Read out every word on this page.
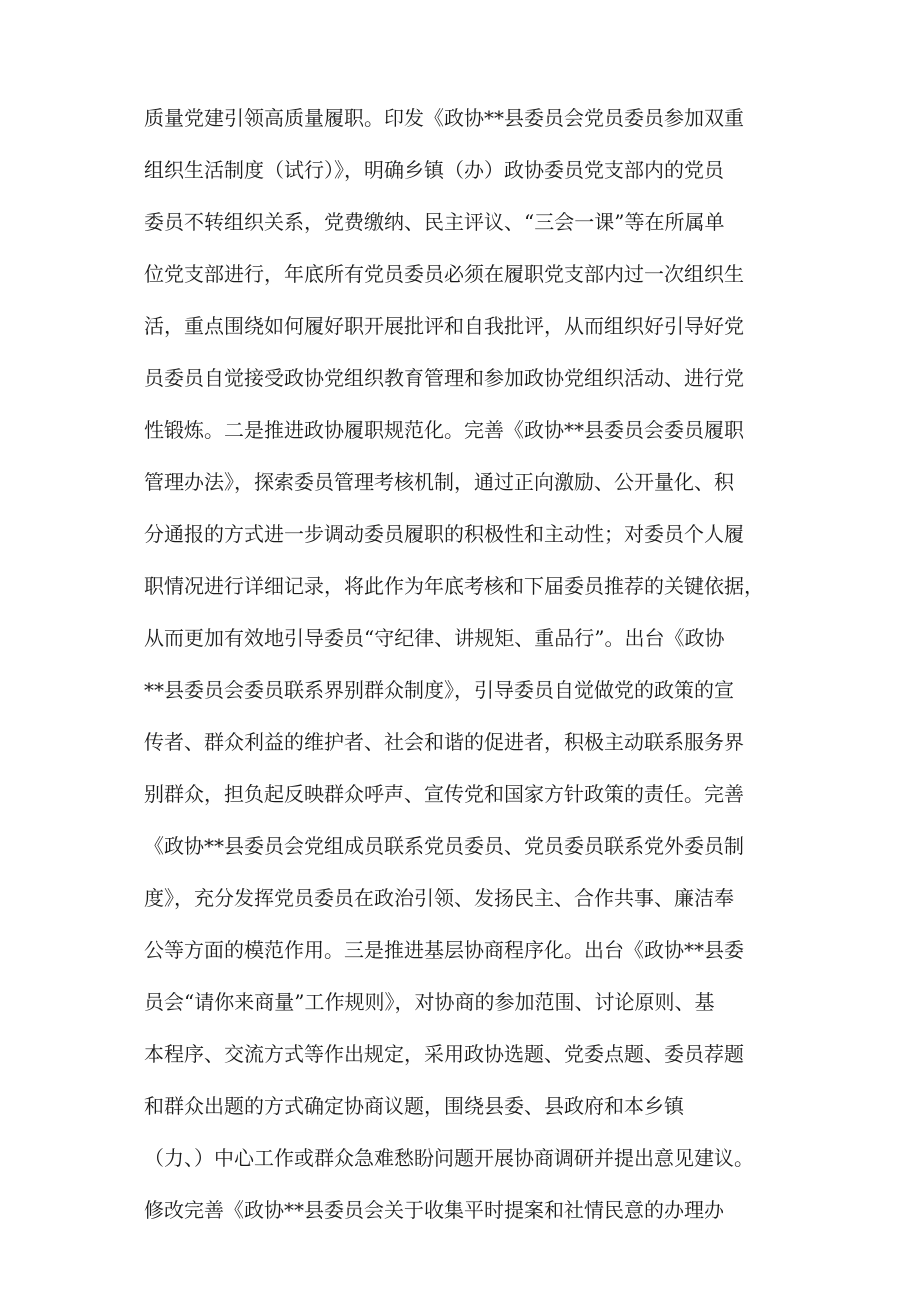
质量党建引领高质量履职。印发《政协**县委员会党员委员参加双重
组织生活制度（试行）》，明确乡镇（办）政协委员党支部内的党员
委员不转组织关系，党费缴纳、民主评议、“三会一课”等在所属单
位党支部进行，年底所有党员委员必须在履职党支部内过一次组织生
活，重点围绕如何履好职开展批评和自我批评，从而组织好引导好党
员委员自觉接受政协党组织教育管理和参加政协党组织活动、进行党
性锻炼。二是推进政协履职规范化。完善《政协**县委员会委员履职
管理办法》，探索委员管理考核机制，通过正向激励、公开量化、积
分通报的方式进一步调动委员履职的积极性和主动性；对委员个人履
职情况进行详细记录，将此作为年底考核和下届委员推荐的关键依据，
从而更加有效地引导委员“守纪律、讲规矩、重品行”。出台《政协
**县委员会委员联系界别群众制度》，引导委员自觉做党的政策的宣
传者、群众利益的维护者、社会和谐的促进者，积极主动联系服务界
别群众，担负起反映群众呼声、宣传党和国家方针政策的责任。完善
《政协**县委员会党组成员联系党员委员、党员委员联系党外委员制
度》，充分发挥党员委员在政治引领、发扬民主、合作共事、廉洁奉
公等方面的模范作用。三是推进基层协商程序化。出台《政协**县委
员会“请你来商量”工作规则》，对协商的参加范围、讨论原则、基
本程序、交流方式等作出规定，采用政协选题、党委点题、委员荐题
和群众出题的方式确定协商议题，围绕县委、县政府和本乡镇
（力、）中心工作或群众急难愁盼问题开展协商调研并提出意见建议。
修改完善《政协**县委员会关于收集平时提案和社情民意的办理办
